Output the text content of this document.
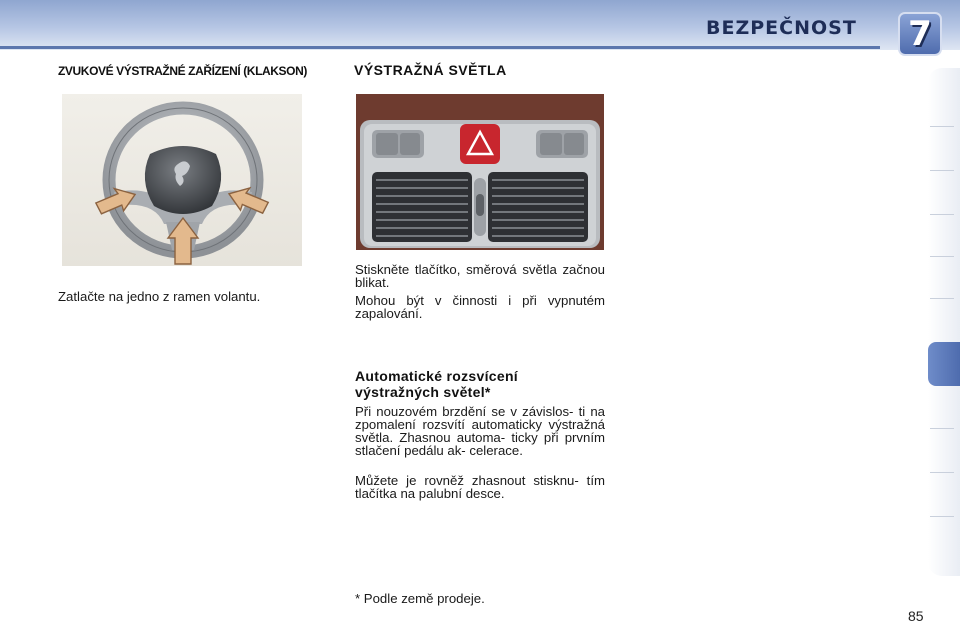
BEZPEČNOST 7
ZVUKOVÉ VÝSTRAŽNÉ ZAŘÍZENÍ (KLAKSON)
Zatlačte na jedno z ramen volantu.
VÝSTRAŽNÁ SVĚTLA
Stiskněte tlačítko, směrová světla začnou blikat.
Mohou být v činnosti i při vypnutém zapalování.
Automatické rozsvícení výstražných světel*
Při nouzovém brzdění se v závislos- ti na zpomalení rozsvítí automaticky výstražná světla. Zhasnou automa- ticky při prvním stlačení pedálu ak- celerace.
Můžete je rovněž zhasnout stisknu- tím tlačítka na palubní desce.
* Podle země prodeje.
85
